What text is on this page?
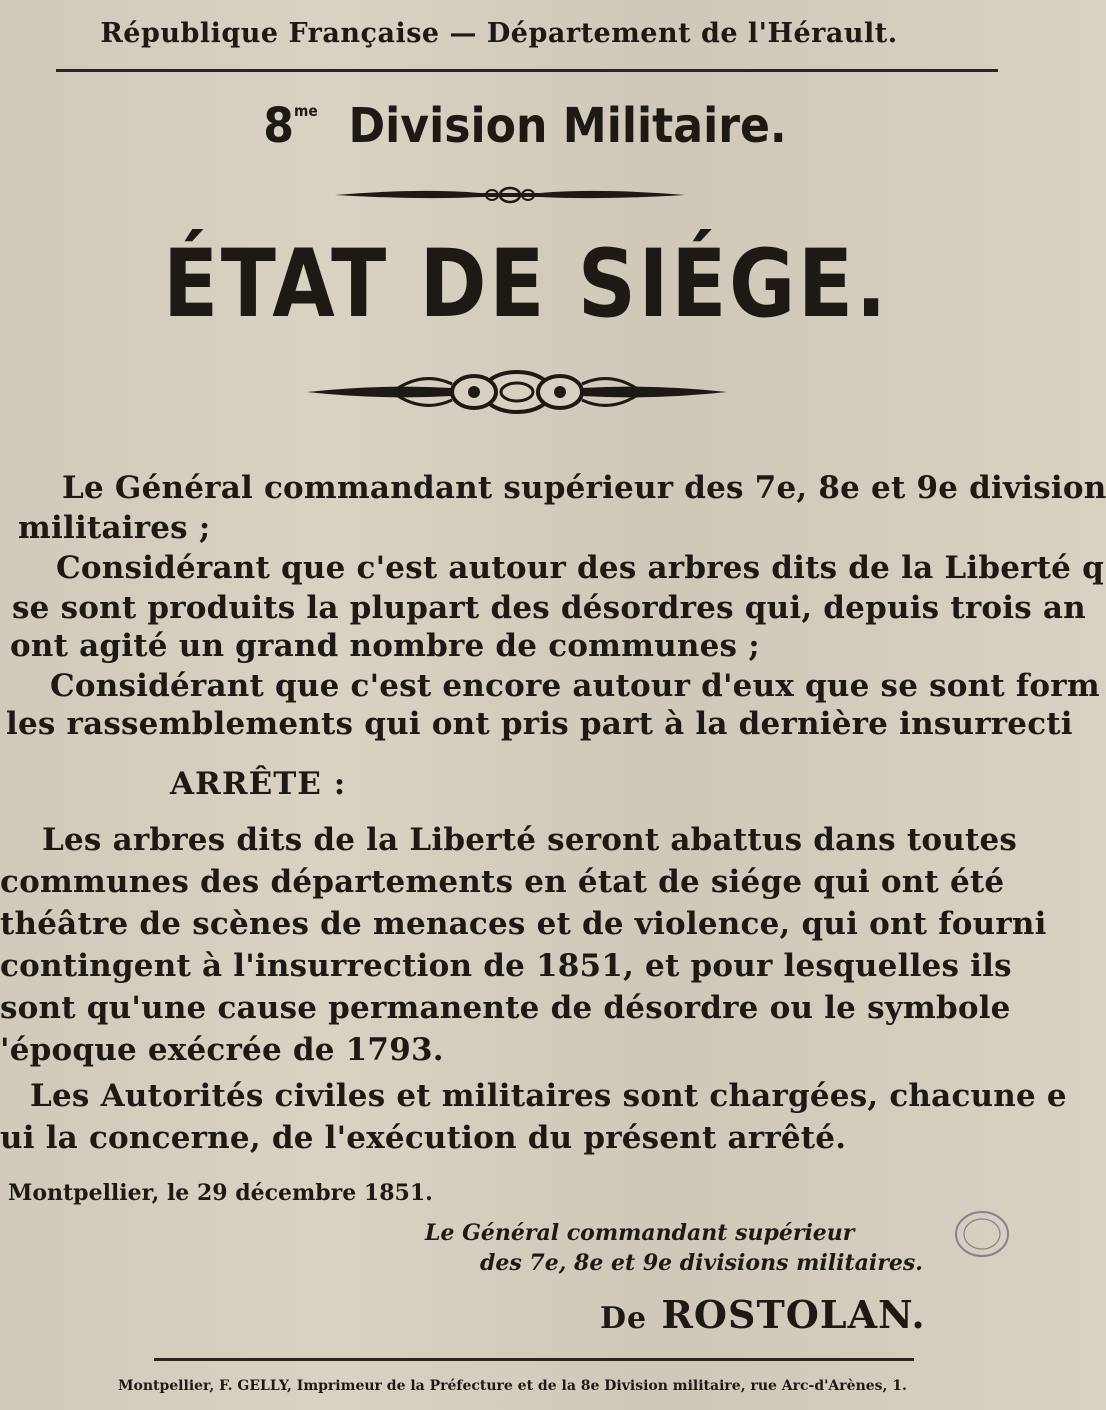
République Française — Département de l'Hérault.
$8^{me}$ Division Militaire.
ÉTAT DE SIÉGE.
Le Général commandant supérieur des 7e, 8e et 9e division
militaires ;
Considérant que c'est autour des arbres dits de la Liberté q
se sont produits la plupart des désordres qui, depuis trois an
ont agité un grand nombre de communes ;
Considérant que c'est encore autour d'eux que se sont form
les rassemblements qui ont pris part à la dernière insurrecti
ARRÊTE :
Les arbres dits de la Liberté seront abattus dans toutes
communes des départements en état de siége qui ont été
théâtre de scènes de menaces et de violence, qui ont fourni
contingent à l'insurrection de 1851, et pour lesquelles ils
sont qu'une cause permanente de désordre ou le symbole
'époque exécrée de 1793.
Les Autorités civiles et militaires sont chargées, chacune e
ui la concerne, de l'exécution du présent arrêté.
Montpellier, le 29 décembre 1851.
Le Général commandant supérieur
des 7e, 8e et 9e divisions militaires.
De ROSTOLAN.
Montpellier, F. GELLY, Imprimeur de la Préfecture et de la 8e Division militaire, rue Arc-d'Arènes, 1.
